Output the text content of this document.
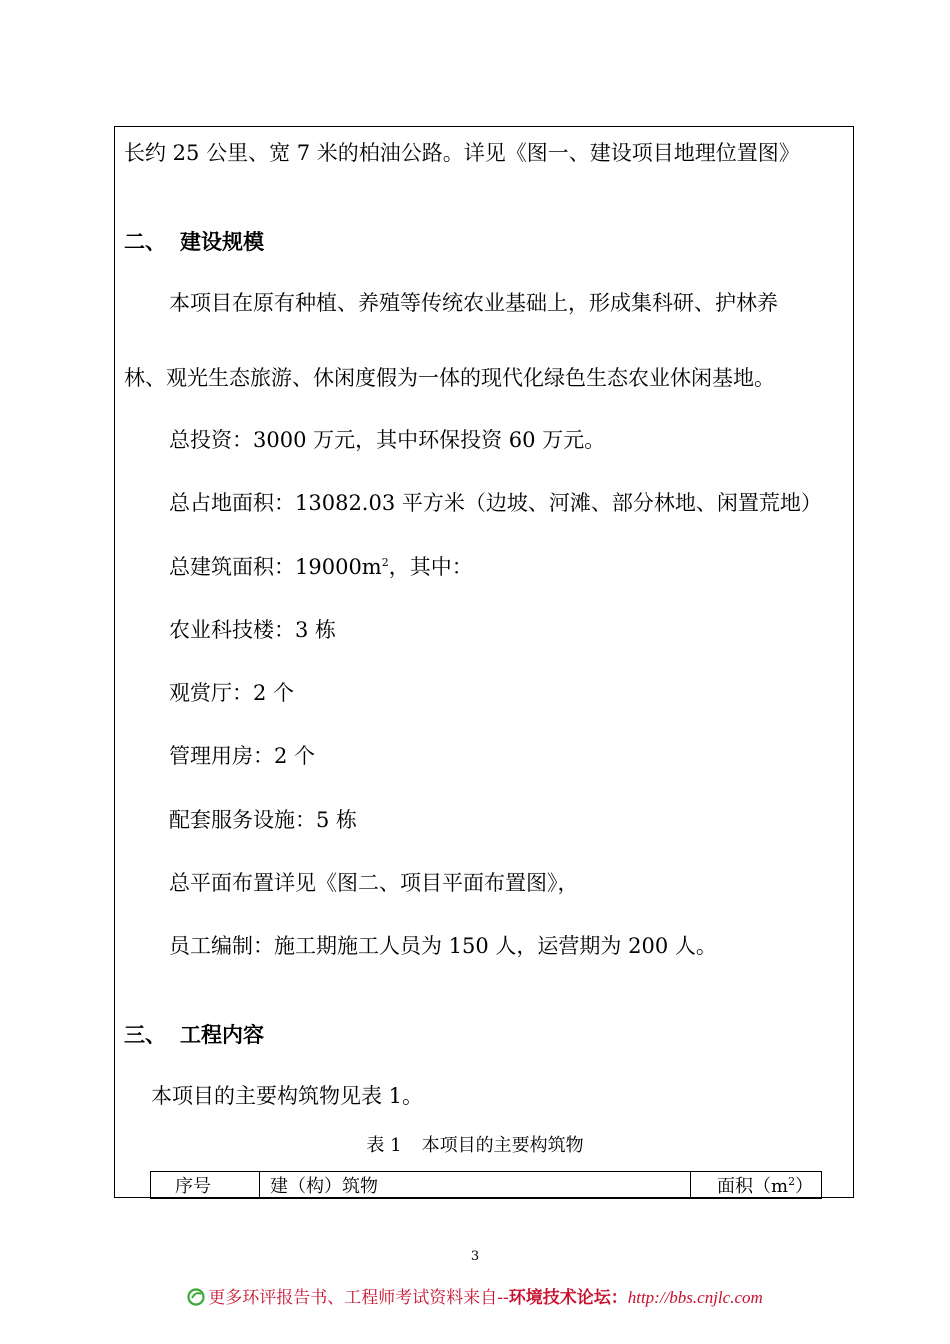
长约 25 公里、宽 7 米的柏油公路。详见《图一、建设项目地理位置图》
二、 建设规模
本项目在原有种植、养殖等传统农业基础上，形成集科研、护林养
林、观光生态旅游、休闲度假为一体的现代化绿色生态农业休闲基地。
总投资：3000 万元，其中环保投资 60 万元。
总占地面积：13082.03 平方米（边坡、河滩、部分林地、闲置荒地）
总建筑面积：$19000m^2$，其中：
农业科技楼：3 栋
观赏厅：2 个
管理用房：2 个
配套服务设施：5 栋
总平面布置详见《图二、项目平面布置图》，
员工编制：施工期施工人员为 150 人，运营期为 200 人。
三、 工程内容
本项目的主要构筑物见表 1。
表 1 本项目的主要构筑物
序号	建（构）筑物	面积$(m^2)$
3
更多环评报告书、工程师考试资料来自--环境技术论坛：http://bbs.cnjlc.com
